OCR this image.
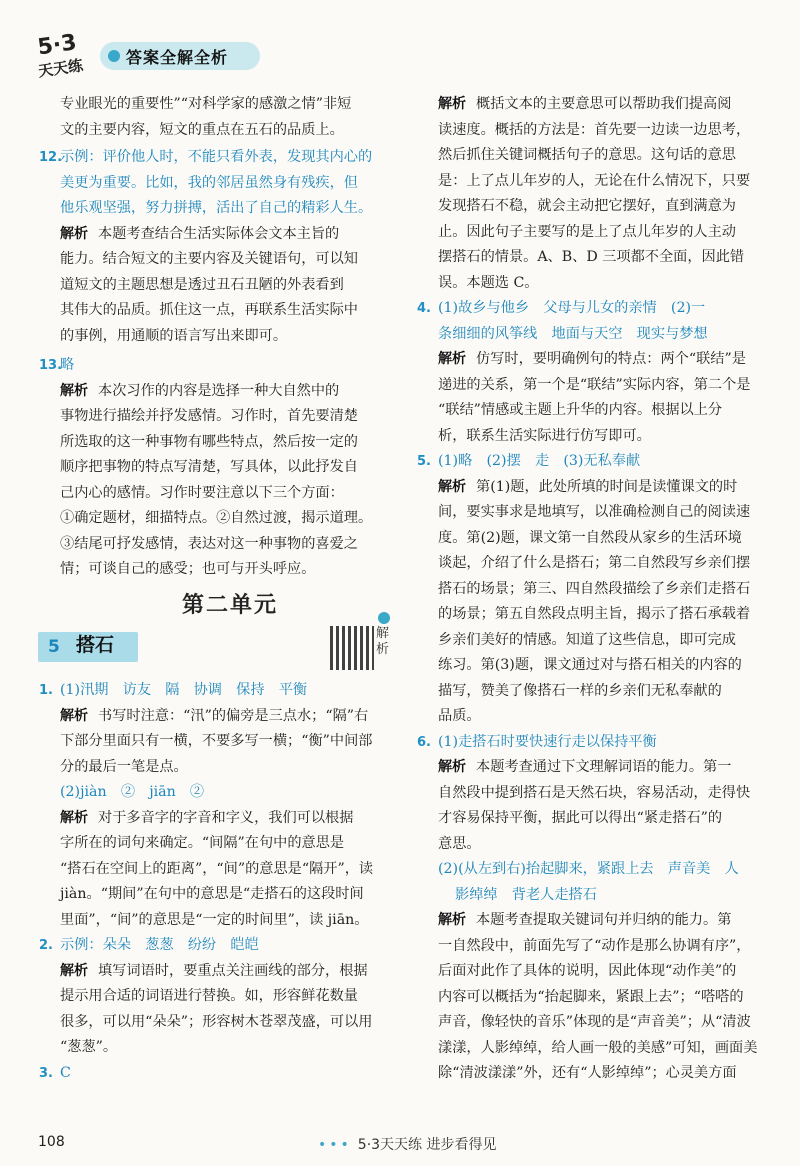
5·3
天天练	答案全解全析
专业眼光的重要性”“对科学家的感激之情”非短
文的主要内容，短文的重点在五石的品质上。
12.示例：评价他人时，不能只看外表，发现其内心的
美更为重要。比如，我的邻居虽然身有残疾，但
他乐观坚强，努力拼搏，活出了自己的精彩人生。
解析 本题考查结合生活实际体会文本主旨的
能力。结合短文的主要内容及关键语句，可以知
道短文的主题思想是透过丑石丑陋的外表看到
其伟大的品质。抓住这一点，再联系生活实际中
的事例，用通顺的语言写出来即可。
13.略
解析 本次习作的内容是选择一种大自然中的
事物进行描绘并抒发感情。习作时，首先要清楚
所选取的这一种事物有哪些特点，然后按一定的
顺序把事物的特点写清楚，写具体，以此抒发自
己内心的感情。习作时要注意以下三个方面：
①确定题材，细描特点。②自然过渡，揭示道理。
③结尾可抒发感情，表达对这一种事物的喜爱之
情；可谈自己的感受；也可与开头呼应。
第二单元
5 搭石
解析
1. (1)汛期　访友　隔　协调　保持　平衡
解析 书写时注意：“汛”的偏旁是三点水；“隔”右
下部分里面只有一横，不要多写一横；“衡”中间部
分的最后一笔是点。
(2)jiàn　②　jiān　②
解析 对于多音字的字音和字义，我们可以根据
字所在的词句来确定。“间隔”在句中的意思是
“搭石在空间上的距离”，“间”的意思是“隔开”，读
jiàn。“期间”在句中的意思是“走搭石的这段时间
里面”，“间”的意思是“一定的时间里”，读 jiān。
2. 示例：朵朵　葱葱　纷纷　皑皑
解析 填写词语时，要重点关注画线的部分，根据
提示用合适的词语进行替换。如，形容鲜花数量
很多，可以用“朵朵”；形容树木苍翠茂盛，可以用
“葱葱”。
3. C
解析 概括文本的主要意思可以帮助我们提高阅
读速度。概括的方法是：首先要一边读一边思考，
然后抓住关键词概括句子的意思。这句话的意思
是：上了点儿年岁的人，无论在什么情况下，只要
发现搭石不稳，就会主动把它摆好，直到满意为
止。因此句子主要写的是上了点儿年岁的人主动
摆搭石的情景。A、B、D 三项都不全面，因此错
误。本题选 C。
4. (1)故乡与他乡　父母与儿女的亲情　(2)一
条细细的风筝线　地面与天空　现实与梦想
解析 仿写时，要明确例句的特点：两个“联结”是
递进的关系，第一个是“联结”实际内容，第二个是
“联结”情感或主题上升华的内容。根据以上分
析，联系生活实际进行仿写即可。
5. (1)略　(2)摆　走　(3)无私奉献
解析 第(1)题，此处所填的时间是读懂课文的时
间，要实事求是地填写，以准确检测自己的阅读速
度。第(2)题，课文第一自然段从家乡的生活环境
谈起，介绍了什么是搭石；第二自然段写乡亲们摆
搭石的场景；第三、四自然段描绘了乡亲们走搭石
的场景；第五自然段点明主旨，揭示了搭石承载着
乡亲们美好的情感。知道了这些信息，即可完成
练习。第(3)题，课文通过对与搭石相关的内容的
描写，赞美了像搭石一样的乡亲们无私奉献的
品质。
6. (1)走搭石时要快速行走以保持平衡
解析 本题考查通过下文理解词语的能力。第一
自然段中提到搭石是天然石块，容易活动，走得快
才容易保持平衡，据此可以得出“紧走搭石”的
意思。
(2)(从左到右)抬起脚来，紧跟上去　声音美　人
影绰绰　背老人走搭石
解析 本题考查提取关键词句并归纳的能力。第
一自然段中，前面先写了“动作是那么协调有序”，
后面对此作了具体的说明，因此体现“动作美”的
内容可以概括为“抬起脚来，紧跟上去”；“嗒嗒的
声音，像轻快的音乐”体现的是“声音美”；从“清波
漾漾，人影绰绰，给人画一般的美感”可知，画面美
除“清波漾漾”外，还有“人影绰绰”；心灵美方面
108	••• 5·3天天练 进步看得见
